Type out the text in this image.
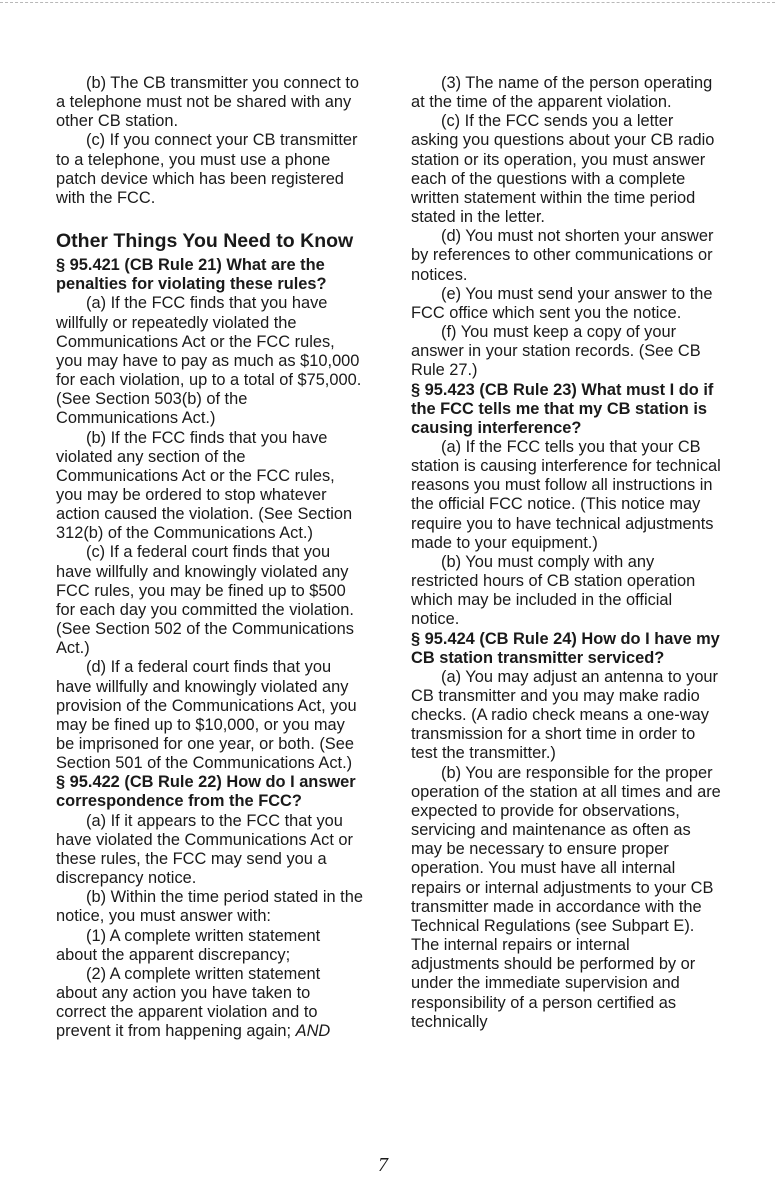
(b) The CB transmitter you connect to a telephone must not be shared with any other CB station.

(c) If you connect your CB transmitter to a telephone, you must use a phone patch device which has been registered with the FCC.

Other Things You Need to Know

§ 95.421 (CB Rule 21) What are the penalties for violating these rules?

(a) If the FCC finds that you have willfully or repeatedly violated the Communications Act or the FCC rules, you may have to pay as much as $10,000 for each violation, up to a total of $75,000. (See Section 503(b) of the Communications Act.)

(b) If the FCC finds that you have violated any section of the Communications Act or the FCC rules, you may be ordered to stop whatever action caused the violation. (See Section 312(b) of the Communications Act.)

(c) If a federal court finds that you have willfully and knowingly violated any FCC rules, you may be fined up to $500 for each day you committed the violation. (See Section 502 of the Communications Act.)

(d) If a federal court finds that you have willfully and knowingly violated any provision of the Communications Act, you may be fined up to $10,000, or you may be imprisoned for one year, or both. (See Section 501 of the Communications Act.)

§ 95.422 (CB Rule 22) How do I answer correspondence from the FCC?

(a) If it appears to the FCC that you have violated the Communications Act or these rules, the FCC may send you a discrepancy notice.

(b) Within the time period stated in the notice, you must answer with:

(1) A complete written statement about the apparent discrepancy;

(2) A complete written statement about any action you have taken to correct the apparent violation and to prevent it from happening again; AND

(3) The name of the person operating at the time of the apparent violation.

(c) If the FCC sends you a letter asking you questions about your CB radio station or its operation, you must answer each of the questions with a complete written statement within the time period stated in the letter.

(d) You must not shorten your answer by references to other communications or notices.

(e) You must send your answer to the FCC office which sent you the notice.

(f) You must keep a copy of your answer in your station records. (See CB Rule 27.)

§ 95.423 (CB Rule 23) What must I do if the FCC tells me that my CB station is causing interference?

(a) If the FCC tells you that your CB station is causing interference for technical reasons you must follow all instructions in the official FCC notice. (This notice may require you to have technical adjustments made to your equipment.)

(b) You must comply with any restricted hours of CB station operation which may be included in the official notice.

§ 95.424 (CB Rule 24) How do I have my CB station transmitter serviced?

(a) You may adjust an antenna to your CB transmitter and you may make radio checks. (A radio check means a one-way transmission for a short time in order to test the transmitter.)

(b) You are responsible for the proper operation of the station at all times and are expected to provide for observations, servicing and maintenance as often as may be necessary to ensure proper operation. You must have all internal repairs or internal adjustments to your CB transmitter made in accordance with the Technical Regulations (see Subpart E). The internal repairs or internal adjustments should be performed by or under the immediate supervision and responsibility of a person certified as technically

7
